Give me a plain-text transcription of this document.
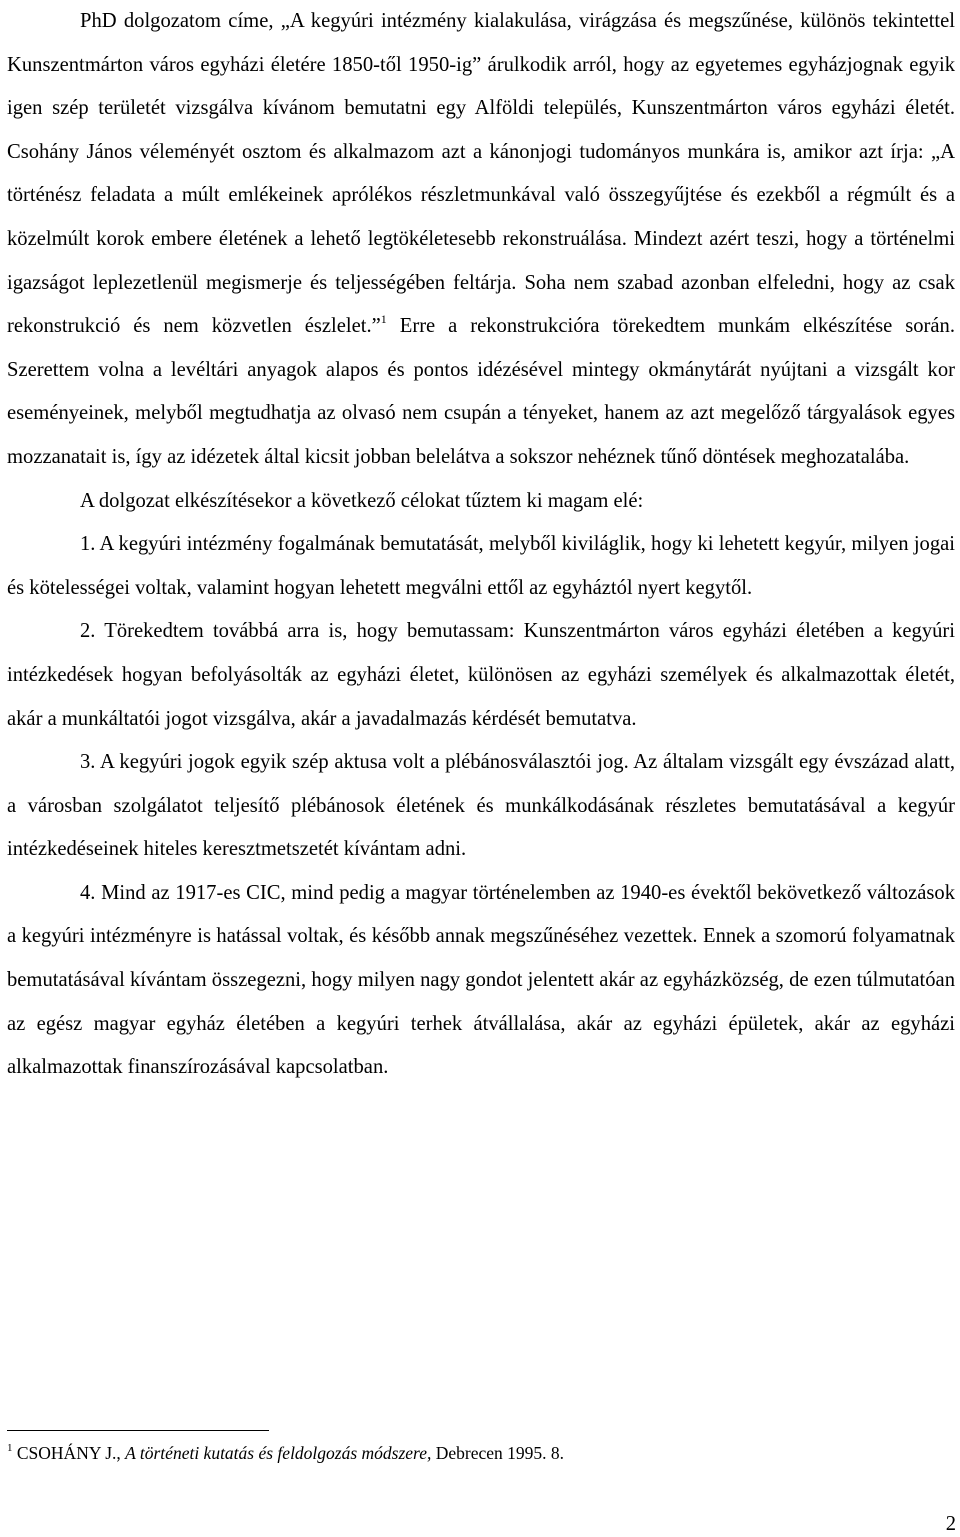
PhD dolgozatom címe, „A kegyúri intézmény kialakulása, virágzása és megszűnése, különös tekintettel Kunszentmárton város egyházi életére 1850-től 1950-ig” árulkodik arról, hogy az egyetemes egyházjognak egyik igen szép területét vizsgálva kívánom bemutatni egy Alföldi település, Kunszentmárton város egyházi életét. Csohány János véleményét osztom és alkalmazom azt a kánonjogi tudományos munkára is, amikor azt írja: „A történész feladata a múlt emlékeinek aprólékos részletmunkával való összegyűjtése és ezekből a régmúlt és a közelmúlt korok embere életének a lehető legtökéletesebb rekonstruálása. Mindezt azért teszi, hogy a történelmi igazságot leplezetlenül megismerje és teljességében feltárja. Soha nem szabad azonban elfeledni, hogy az csak rekonstrukció és nem közvetlen észlelet.”$^1$ Erre a rekonstrukcióra törekedtem munkám elkészítése során. Szerettem volna a levéltári anyagok alapos és pontos idézésével mintegy okmánytárát nyújtani a vizsgált kor eseményeinek, melyből megtudhatja az olvasó nem csupán a tényeket, hanem az azt megelőző tárgyalások egyes mozzanatait is, így az idézetek által kicsit jobban belelátva a sokszor nehéznek tűnő döntések meghozatalába.

A dolgozat elkészítésekor a következő célokat tűztem ki magam elé:

1. A kegyúri intézmény fogalmának bemutatását, melyből kiviláglik, hogy ki lehetett kegyúr, milyen jogai és kötelességei voltak, valamint hogyan lehetett megválni ettől az egyháztól nyert kegytől.

2. Törekedtem továbbá arra is, hogy bemutassam: Kunszentmárton város egyházi életében a kegyúri intézkedések hogyan befolyásolták az egyházi életet, különösen az egyházi személyek és alkalmazottak életét, akár a munkáltatói jogot vizsgálva, akár a javadalmazás kérdését bemutatva.

3. A kegyúri jogok egyik szép aktusa volt a plébánosválasztói jog. Az általam vizsgált egy évszázad alatt, a városban szolgálatot teljesítő plébánosok életének és munkálkodásának részletes bemutatásával a kegyúr intézkedéseinek hiteles keresztmetszetét kívántam adni.

4. Mind az 1917-es CIC, mind pedig a magyar történelemben az 1940-es évektől bekövetkező változások a kegyúri intézményre is hatással voltak, és később annak megszűnéséhez vezettek. Ennek a szomorú folyamatnak bemutatásával kívántam összegezni, hogy milyen nagy gondot jelentett akár az egyházközség, de ezen túlmutatóan az egész magyar egyház életében a kegyúri terhek átvállalása, akár az egyházi épületek, akár az egyházi alkalmazottak finanszírozásával kapcsolatban.

$^1$ CSOHÁNY J., A történeti kutatás és feldolgozás módszere, Debrecen 1995. 8.
2
